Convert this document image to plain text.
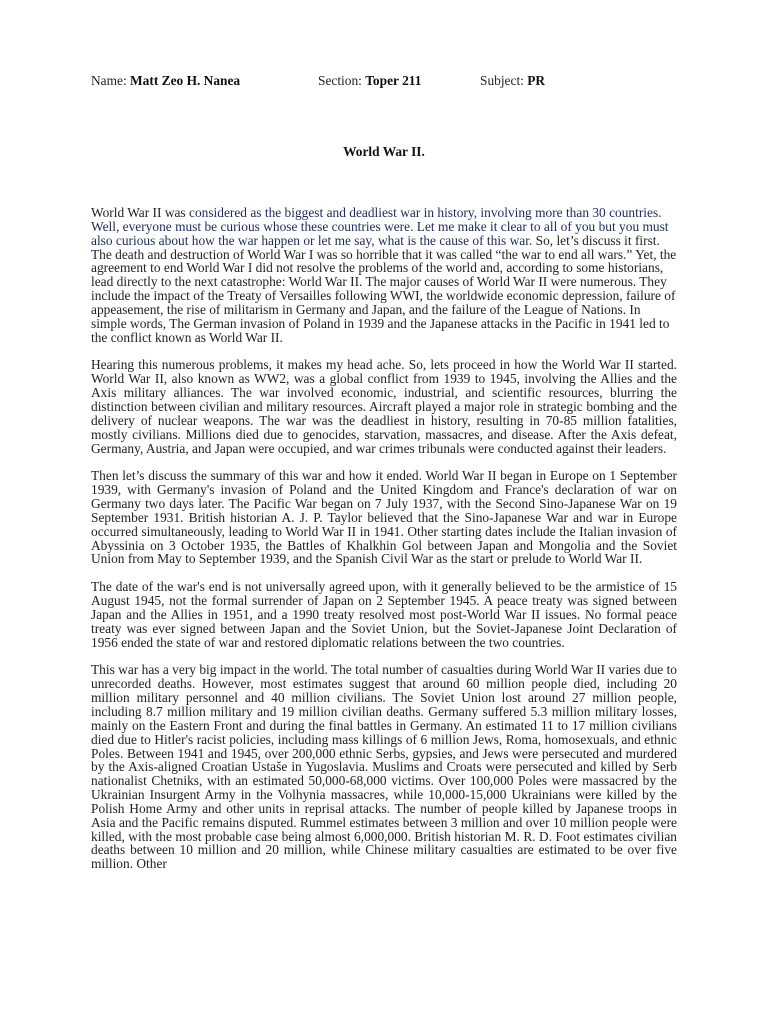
Name: Matt Zeo H. Nanea	Section: Toper 211	Subject: PR
World War II.

World War II was considered as the biggest and deadliest war in history, involving more than 30 countries. Well, everyone must be curious whose these countries were. Let me make it clear to all of you but you must also curious about how the war happen or let me say, what is the cause of this war. So, let’s discuss it first. The death and destruction of World War I was so horrible that it was called “the war to end all wars.” Yet, the agreement to end World War I did not resolve the problems of the world and, according to some historians, lead directly to the next catastrophe: World War II. The major causes of World War II were numerous. They include the impact of the Treaty of Versailles following WWI, the worldwide economic depression, failure of appeasement, the rise of militarism in Germany and Japan, and the failure of the League of Nations. In simple words, The German invasion of Poland in 1939 and the Japanese attacks in the Pacific in 1941 led to the conflict known as World War II.

Hearing this numerous problems, it makes my head ache. So, lets proceed in how the World War II started. World War II, also known as WW2, was a global conflict from 1939 to 1945, involving the Allies and the Axis military alliances. The war involved economic, industrial, and scientific resources, blurring the distinction between civilian and military resources. Aircraft played a major role in strategic bombing and the delivery of nuclear weapons. The war was the deadliest in history, resulting in 70-85 million fatalities, mostly civilians. Millions died due to genocides, starvation, massacres, and disease. After the Axis defeat, Germany, Austria, and Japan were occupied, and war crimes tribunals were conducted against their leaders.

Then let’s discuss the summary of this war and how it ended. World War II began in Europe on 1 September 1939, with Germany's invasion of Poland and the United Kingdom and France's declaration of war on Germany two days later. The Pacific War began on 7 July 1937, with the Second Sino-Japanese War on 19 September 1931. British historian A. J. P. Taylor believed that the Sino-Japanese War and war in Europe occurred simultaneously, leading to World War II in 1941. Other starting dates include the Italian invasion of Abyssinia on 3 October 1935, the Battles of Khalkhin Gol between Japan and Mongolia and the Soviet Union from May to September 1939, and the Spanish Civil War as the start or prelude to World War II.

The date of the war's end is not universally agreed upon, with it generally believed to be the armistice of 15 August 1945, not the formal surrender of Japan on 2 September 1945. A peace treaty was signed between Japan and the Allies in 1951, and a 1990 treaty resolved most post-World War II issues. No formal peace treaty was ever signed between Japan and the Soviet Union, but the Soviet-Japanese Joint Declaration of 1956 ended the state of war and restored diplomatic relations between the two countries.

This war has a very big impact in the world. The total number of casualties during World War II varies due to unrecorded deaths. However, most estimates suggest that around 60 million people died, including 20 million military personnel and 40 million civilians. The Soviet Union lost around 27 million people, including 8.7 million military and 19 million civilian deaths. Germany suffered 5.3 million military losses, mainly on the Eastern Front and during the final battles in Germany. An estimated 11 to 17 million civilians died due to Hitler's racist policies, including mass killings of 6 million Jews, Roma, homosexuals, and ethnic Poles. Between 1941 and 1945, over 200,000 ethnic Serbs, gypsies, and Jews were persecuted and murdered by the Axis-aligned Croatian Ustaše in Yugoslavia. Muslims and Croats were persecuted and killed by Serb nationalist Chetniks, with an estimated 50,000-68,000 victims. Over 100,000 Poles were massacred by the Ukrainian Insurgent Army in the Volhynia massacres, while 10,000-15,000 Ukrainians were killed by the Polish Home Army and other units in reprisal attacks. The number of people killed by Japanese troops in Asia and the Pacific remains disputed. Rummel estimates between 3 million and over 10 million people were killed, with the most probable case being almost 6,000,000. British historian M. R. D. Foot estimates civilian deaths between 10 million and 20 million, while Chinese military casualties are estimated to be over five million. Other
